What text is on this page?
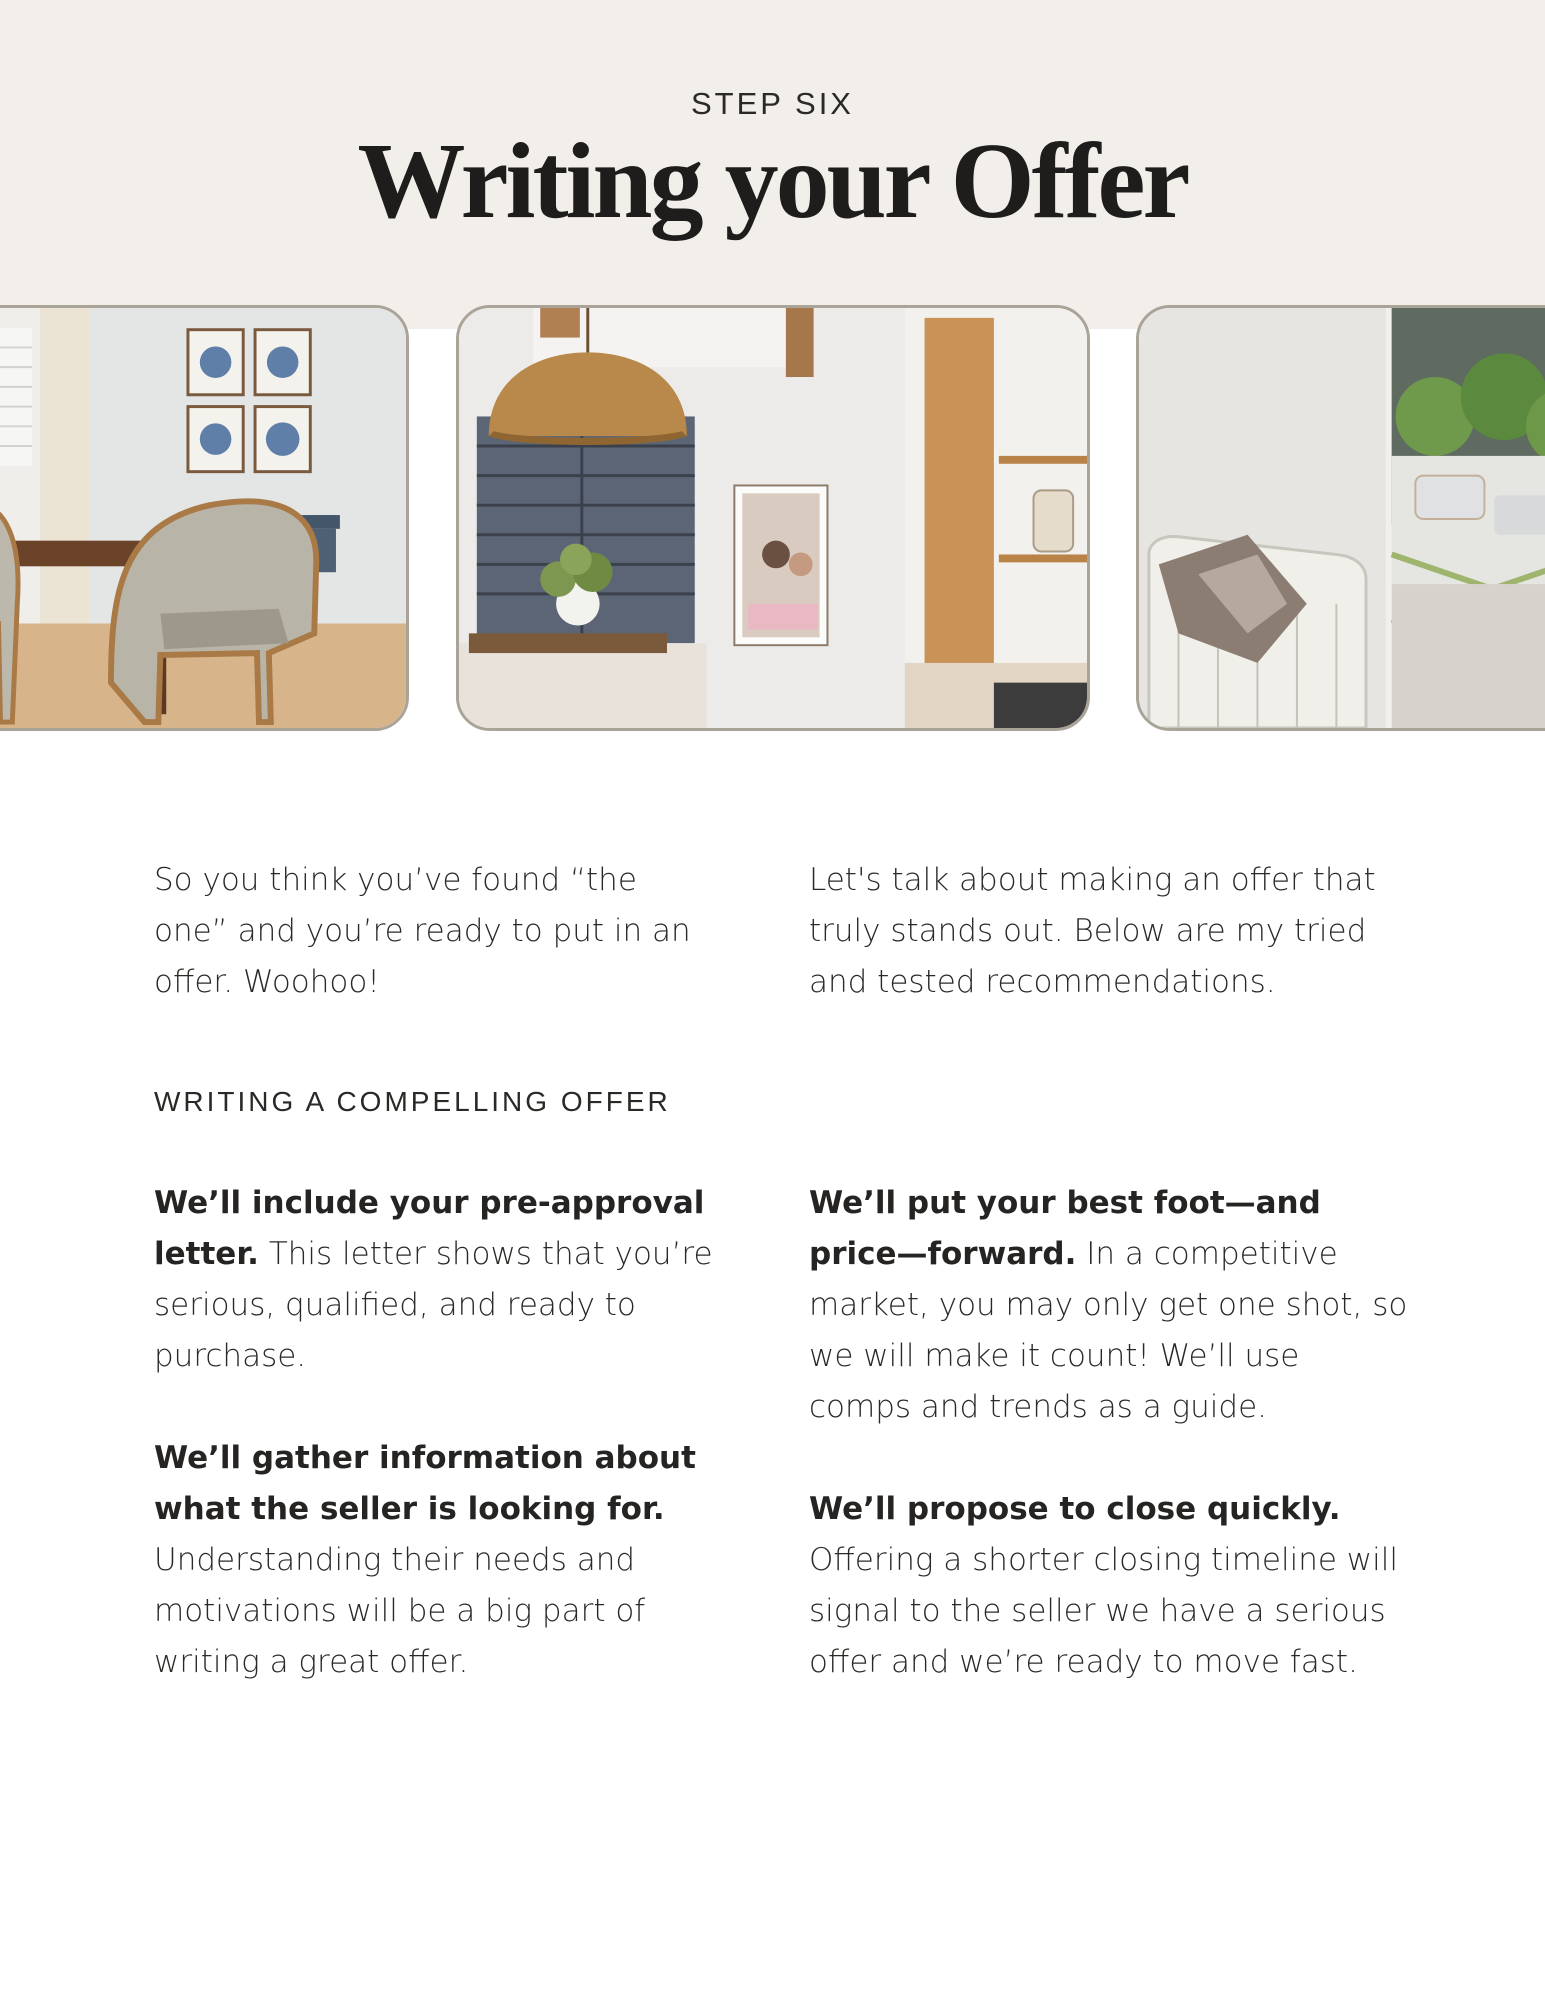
STEP SIX
Writing your Offer
So you think you’ve found “the one” and you’re ready to put in an offer. Woohoo!
Let's talk about making an offer that truly stands out. Below are my tried and tested recommendations.
WRITING A COMPELLING OFFER

We’ll include your pre-approval letter. This letter shows that you’re serious, qualified, and ready to purchase.

We’ll gather information about what the seller is looking for. Understanding their needs and motivations will be a big part of writing a great offer.

We’ll put your best foot—and price—forward. In a competitive market, you may only get one shot, so we will make it count! We’ll use comps and trends as a guide.

We’ll propose to close quickly. Offering a shorter closing timeline will signal to the seller we have a serious offer and we’re ready to move fast.
